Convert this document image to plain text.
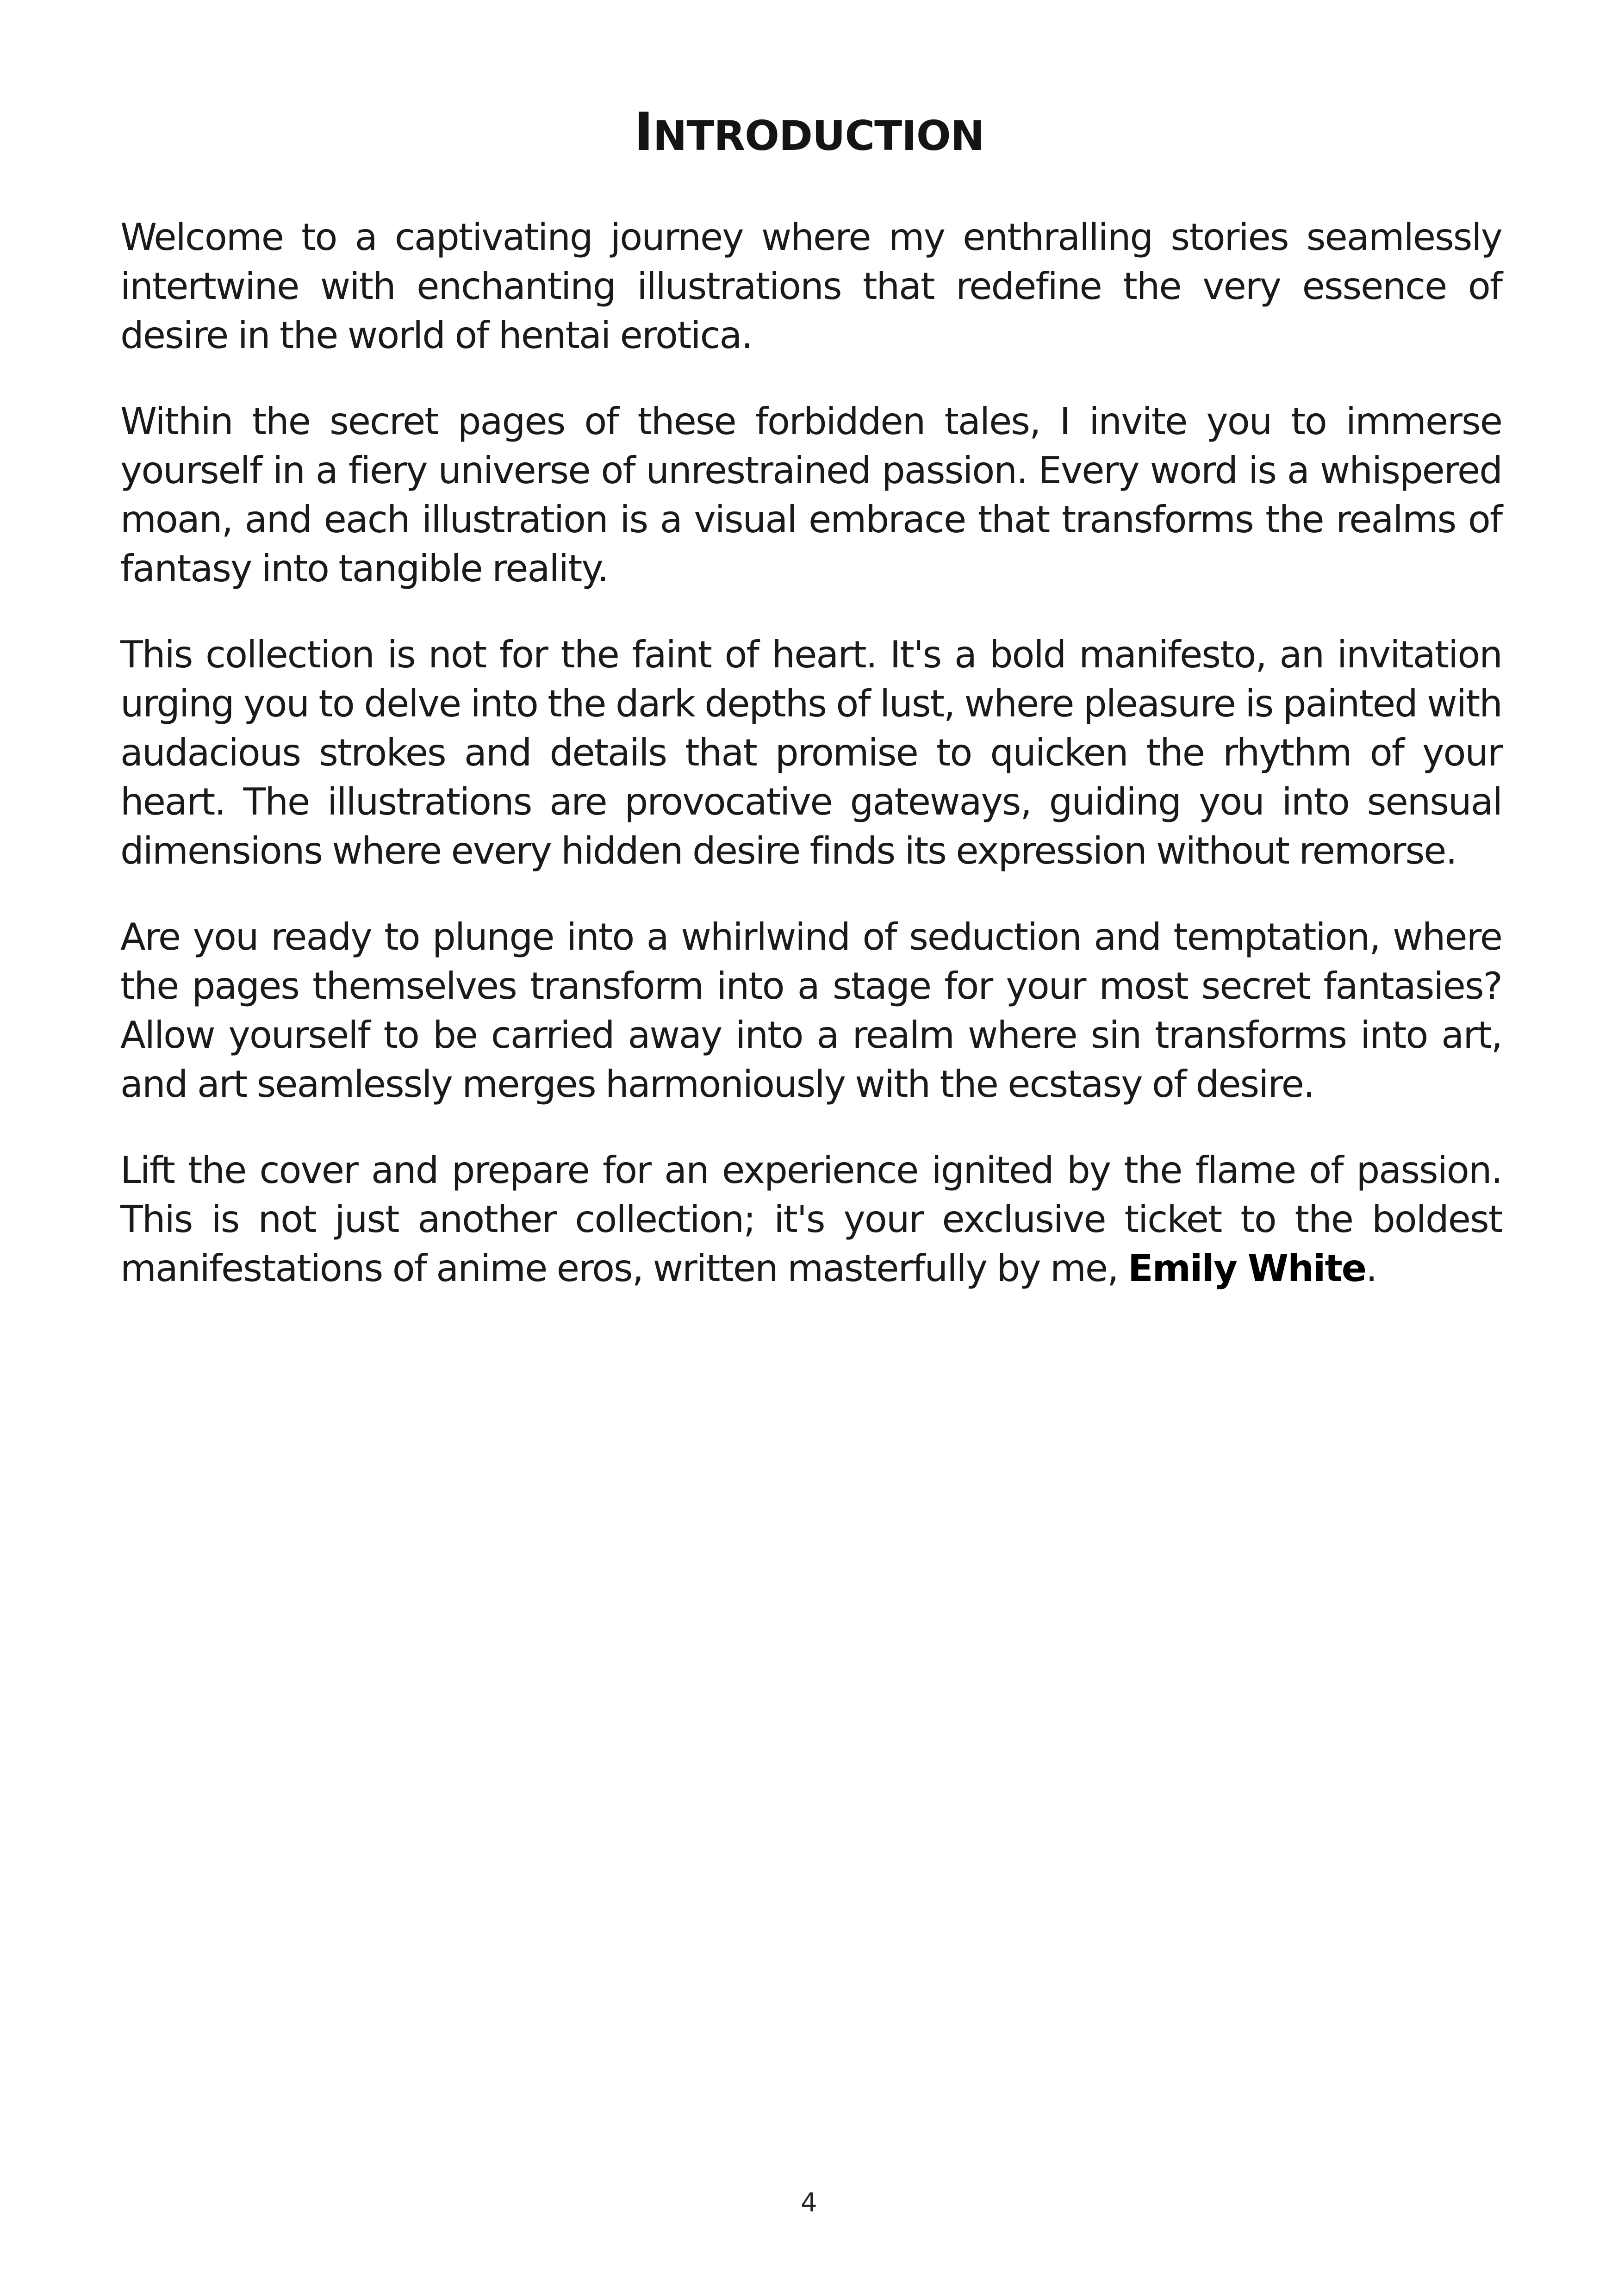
INTRODUCTION

Welcome to a captivating journey where my enthralling stories seamlessly intertwine with enchanting illustrations that redefine the very essence of desire in the world of hentai erotica.

Within the secret pages of these forbidden tales, I invite you to immerse yourself in a fiery universe of unrestrained passion. Every word is a whispered moan, and each illustration is a visual embrace that transforms the realms of fantasy into tangible reality.

This collection is not for the faint of heart. It's a bold manifesto, an invitation urging you to delve into the dark depths of lust, where pleasure is painted with audacious strokes and details that promise to quicken the rhythm of your heart. The illustrations are provocative gateways, guiding you into sensual dimensions where every hidden desire finds its expression without remorse.

Are you ready to plunge into a whirlwind of seduction and temptation, where the pages themselves transform into a stage for your most secret fantasies? Allow yourself to be carried away into a realm where sin transforms into art, and art seamlessly merges harmoniously with the ecstasy of desire.

Lift the cover and prepare for an experience ignited by the flame of passion. This is not just another collection; it's your exclusive ticket to the boldest manifestations of anime eros, written masterfully by me, Emily White.

4
